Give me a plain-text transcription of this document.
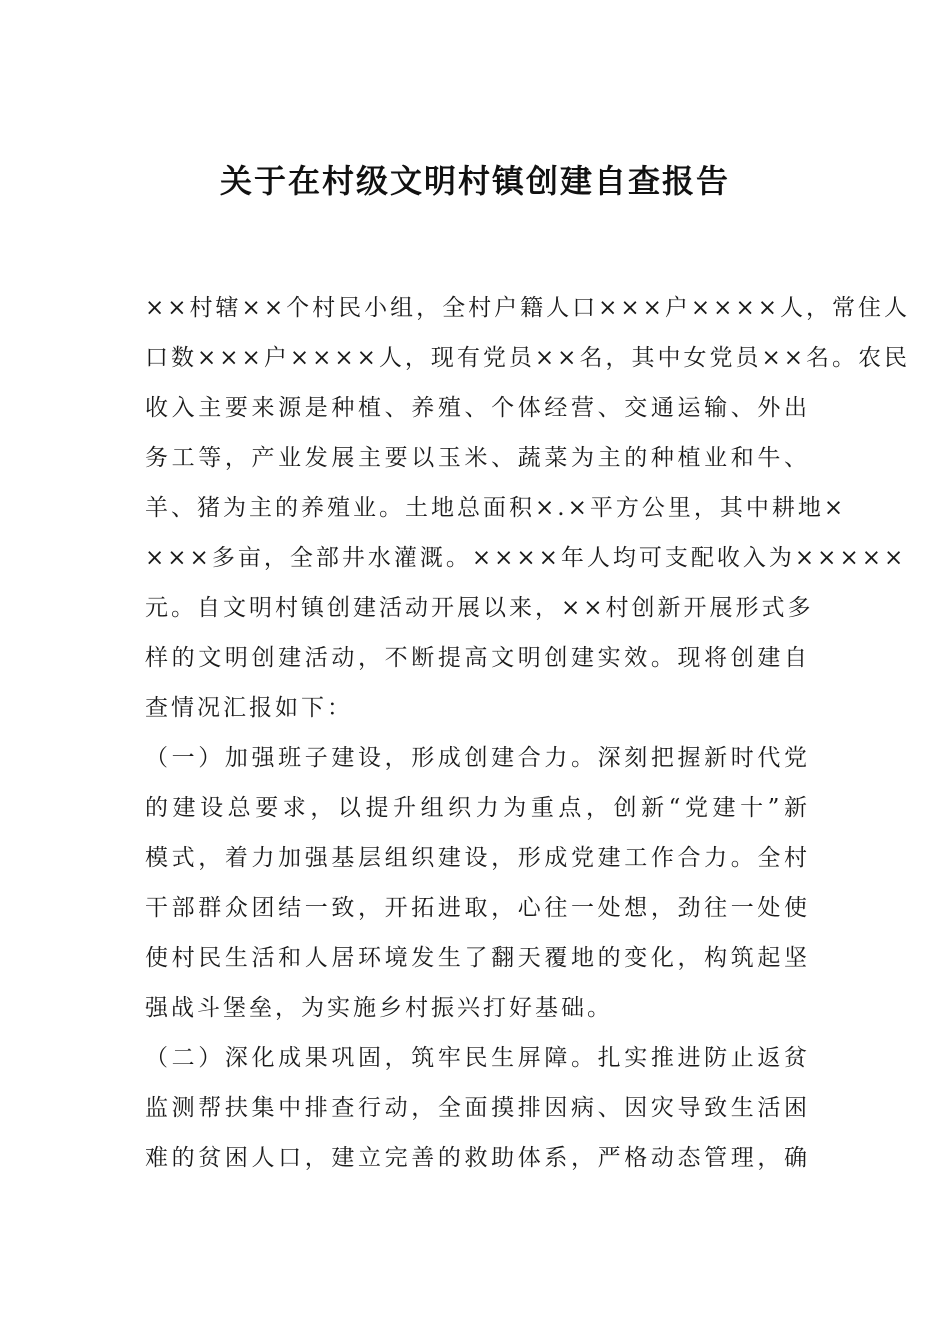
关于在村级文明村镇创建自查报告
××村辖××个村民小组，全村户籍人口×××户××××人，常住人
口数×××户××××人，现有党员××名，其中女党员××名。农民
收入主要来源是种植、养殖、个体经营、交通运输、外出
务工等，产业发展主要以玉米、蔬菜为主的种植业和牛、
羊、猪为主的养殖业。土地总面积×.×平方公里，其中耕地×
×××多亩，全部井水灌溉。××××年人均可支配收入为×××××
元。自文明村镇创建活动开展以来，××村创新开展形式多
样的文明创建活动，不断提高文明创建实效。现将创建自
查情况汇报如下：
（一）加强班子建设，形成创建合力。深刻把握新时代党
的建设总要求，以提升组织力为重点，创新“党建十”新
模式，着力加强基层组织建设，形成党建工作合力。全村
干部群众团结一致，开拓进取，心往一处想，劲往一处使
使村民生活和人居环境发生了翻天覆地的变化，构筑起坚
强战斗堡垒，为实施乡村振兴打好基础。
（二）深化成果巩固，筑牢民生屏障。扎实推进防止返贫
监测帮扶集中排查行动，全面摸排因病、因灾导致生活困
难的贫困人口，建立完善的救助体系，严格动态管理，确
